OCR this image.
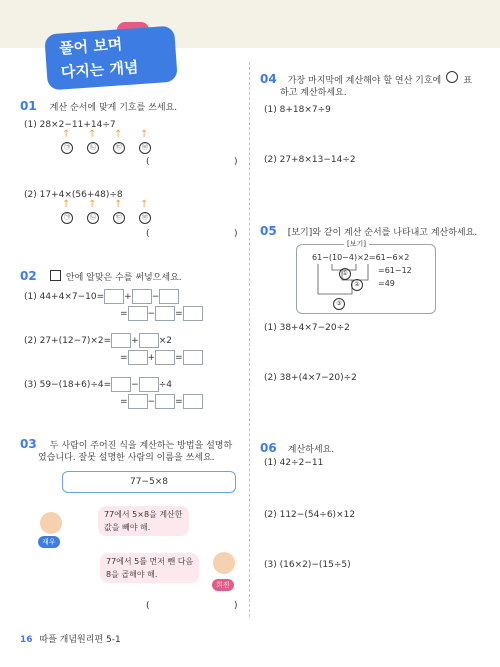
풀어 보며
다지는 개념
01 계산 순서에 맞게 기호를 쓰세요.
(1) 28×2−11+14÷7
↑ ↑ ↑ ↑
㉠	㉡	㉢	㉣
(	)
(2) 17+4×(56+48)÷8
↑ ↑ ↑ ↑
㉠	㉡	㉢	㉣
(	)
02	안에 알맞은 수를 써넣으세요.
(1) 44+4×7−10= + −
= − =
(2) 27+(12−7)×2= + ×2
= + =
(3) 59−(18+6)÷4= − ÷4
= − =
03 두 사람이 주어진 식을 계산하는 방법을 설명하
였습니다. 잘못 설명한 사람의 이름을 쓰세요.
77−5×8
재우
77에서 5×8을 계산한
값을 빼야 해.
77에서 5를 먼저 뺀 다음
8을 곱해야 해.
희진
(	)
04 가장 마지막에 계산해야 할 연산 기호에 ○ 표
하고 계산하세요.
(1) 8+18×7÷9
(2) 27+8×13−14÷2
05 [보기]와 같이 계산 순서를 나타내고 계산하세요.
[보기]
61−(10−4)×2=61−6×2
=61−12
=49
①
②
③
(1) 38+4×7−20÷2
(2) 38+(4×7−20)÷2
06 계산하세요.
(1) 42÷2−11
(2) 112−(54÷6)×12
(3) (16×2)−(15÷5)
16 따플 개념원리편 5-1
